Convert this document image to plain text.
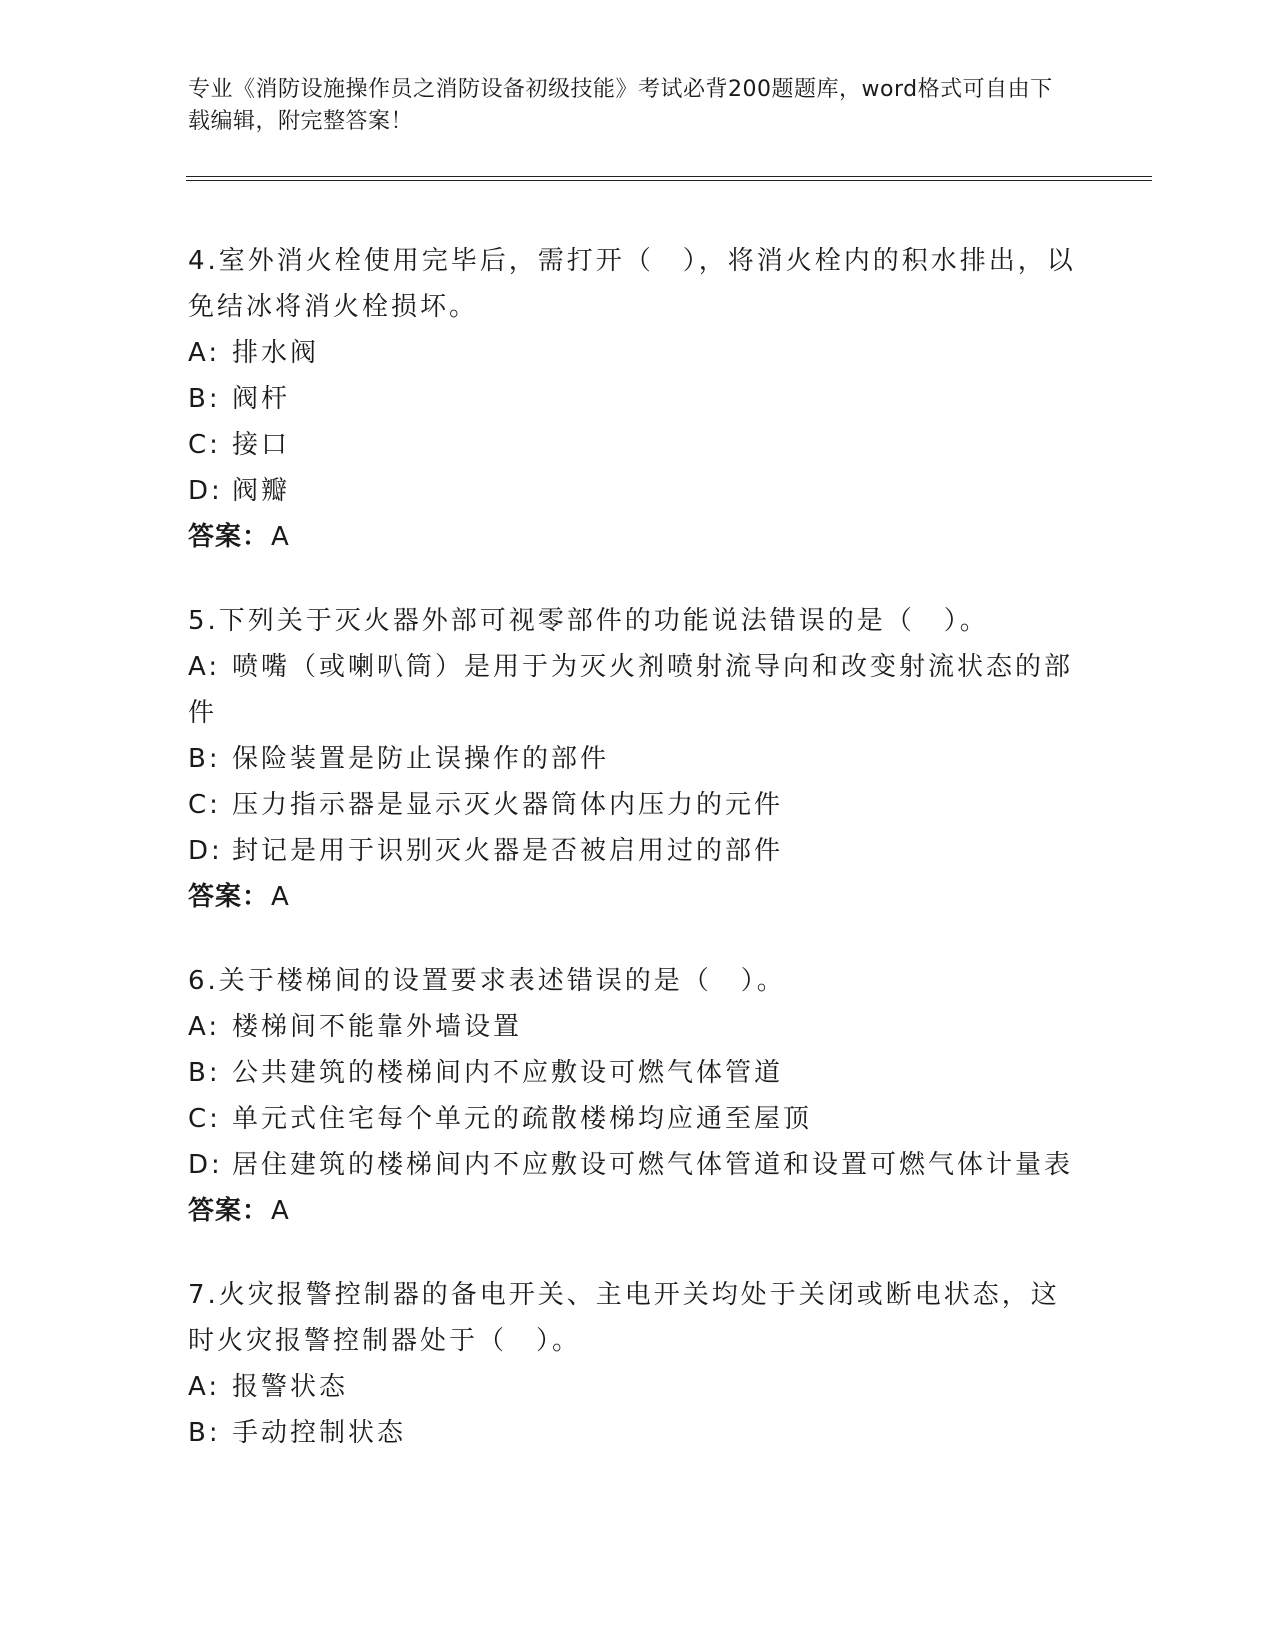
专业《消防设施操作员之消防设备初级技能》考试必背200题题库，word格式可自由下载编辑，附完整答案！
4.室外消火栓使用完毕后，需打开（　），将消火栓内的积水排出，以免结冰将消火栓损坏。
A: 排水阀
B: 阀杆
C: 接口
D: 阀瓣
答案：A
5.下列关于灭火器外部可视零部件的功能说法错误的是（　）。
A: 喷嘴（或喇叭筒）是用于为灭火剂喷射流导向和改变射流状态的部件
B: 保险装置是防止误操作的部件
C: 压力指示器是显示灭火器筒体内压力的元件
D: 封记是用于识别灭火器是否被启用过的部件
答案：A
6.关于楼梯间的设置要求表述错误的是（　）。
A: 楼梯间不能靠外墙设置
B: 公共建筑的楼梯间内不应敷设可燃气体管道
C: 单元式住宅每个单元的疏散楼梯均应通至屋顶
D: 居住建筑的楼梯间内不应敷设可燃气体管道和设置可燃气体计量表
答案：A
7.火灾报警控制器的备电开关、主电开关均处于关闭或断电状态，这时火灾报警控制器处于（　）。
A: 报警状态
B: 手动控制状态
